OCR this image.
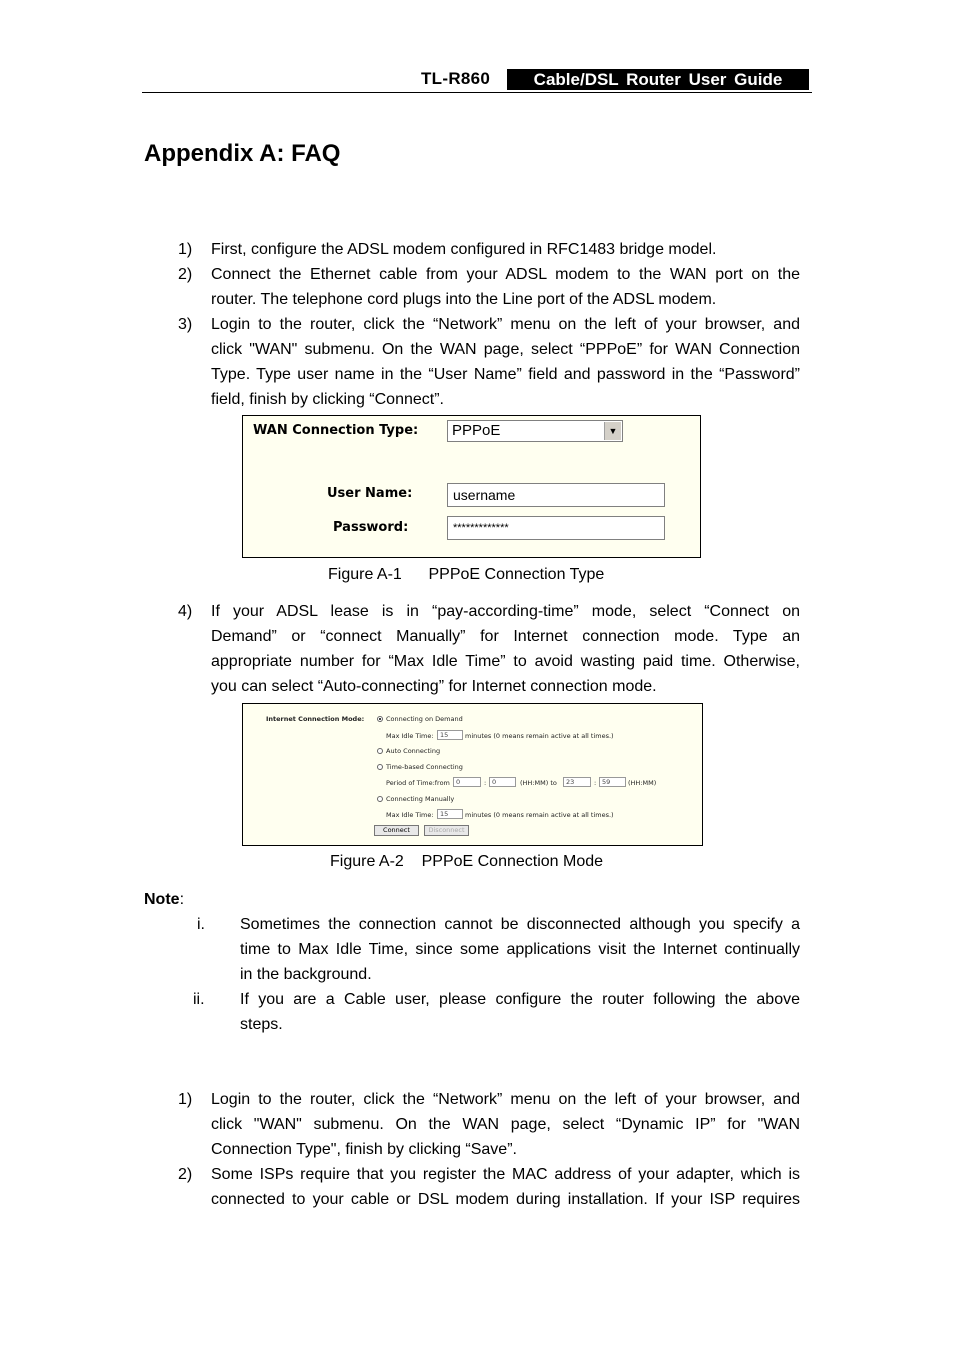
TL-R860	Cable/DSL Router User Guide
Appendix A: FAQ
1) First, configure the ADSL modem configured in RFC1483 bridge model.
2) Connect the Ethernet cable from your ADSL modem to the WAN port on the
router. The telephone cord plugs into the Line port of the ADSL modem.
3) Login to the router, click the “Network” menu on the left of your browser, and
click "WAN" submenu. On the WAN page, select “PPPoE” for WAN Connection
Type. Type user name in the “User Name” field and password in the “Password”
field, finish by clicking “Connect”.
WAN Connection Type:	PPPoE	▼
User Name:	username
Password:	*************
Figure A-1      PPPoE Connection Type
4) If your ADSL lease is in “pay-according-time” mode, select “Connect on
Demand” or “connect Manually” for Internet connection mode. Type an
appropriate number for “Max Idle Time” to avoid wasting paid time. Otherwise,
you can select “Auto-connecting” for Internet connection mode.
Internet Connection Mode:	Connecting on Demand
Max Idle Time: 15	minutes (0 means remain active at all times.)
Auto Connecting
Time-based Connecting
Period of Time:from 0	: 0	(HH:MM) to	23	: 59	(HH:MM)
Connecting Manually
Max Idle Time: 15	minutes (0 means remain active at all times.)
Connect	Disconnect
Figure A-2    PPPoE Connection Mode
Note:
i. Sometimes the connection cannot be disconnected although you specify a
time to Max Idle Time, since some applications visit the Internet continually
in the background.
ii. If you are a Cable user, please configure the router following the above
steps.
1) Login to the router, click the “Network” menu on the left of your browser, and
click "WAN" submenu. On the WAN page, select “Dynamic IP” for "WAN
Connection Type", finish by clicking “Save”.
2) Some ISPs require that you register the MAC address of your adapter, which is
connected to your cable or DSL modem during installation. If your ISP requires
